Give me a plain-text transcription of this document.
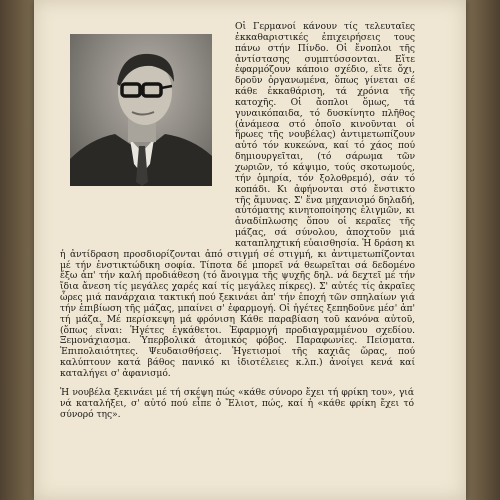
Οἱ Γερμανοί κάνουν τίς τελευταῖες ἐκκαθαριστικές ἐπιχειρήσεις τους πάνω στήν Πίνδο. Οἱ ἔνοπλοι τῆς ἀντίστασης συμπτύσσονται. Εἴτε ἐφαρμόζουν κάποιο σχέδιο, εἴτε ὄχι, δροῦν ὀργανωμένα, ὅπως γίνεται σέ κάθε ἐκκαθάριση, τά χρόνια τῆς κατοχῆς. Οἱ ἄοπλοι ὅμως, τά γυναικόπαιδα, τό δυσκίνητο πλῆθος (ἀνάμεσα στό ὁποῖο κινοῦνται οἱ ἥρωες τῆς νουβέλας) ἀντιμετωπίζουν αὐτό τόν κυκεώνα, καί τό χάος πού δημιουργεῖται, (τό σάρωμα τῶν χωριῶν, τό κάψιμο, τούς σκοτωμούς, τήν ὁμηρία, τόν ξολοθρεμό), σάν τό κοπάδι. Κι ἀφήνονται στό ἔνστικτο τῆς ἄμυνας. Σ' ἕνα μηχανισμό δηλαδή, αὐτόματης κινητοποίησης ἐλιγμῶν, κι ἀναδίπλωσης ὅπου οἱ κεραῖες τῆς μάζας, σά σύνολου, ἀποχτοῦν μιά καταπληχτική εὐαισθησία. Ἡ δράση κι ἡ ἀντίδραση προσδιορίζονται ἀπό στιγμή σέ στιγμή, κι ἀντιμετωπίζονται μέ τήν ἐνστικτώδικη σοφία. Τίποτα δέ μπορεῖ νά θεωρεῖται σά δεδομένο ἔξω ἀπ' τήν καλή προδιάθεση (τό ἄνοιγμα τῆς ψυχῆς δηλ. νά δεχτεῖ μέ τήν ἴδια ἄνεση τίς μεγάλες χαρές καί τίς μεγάλες πίκρες). Σ' αὐτές τίς ἀκραῖες ὧρες μιά πανάρχαια τακτική πού ξεκινάει ἀπ' τήν ἐποχή τῶν σπηλαίων γιά τήν ἐπιβίωση τῆς μάζας, μπαίνει σ' ἐφαρμογή. Οἱ ἡγέτες ξεπηδοῦνε μέσ' ἀπ' τή μάζα. Μέ περίσκεψη μά φρόνιση Κάθε παραβίαση τοῦ κανόνα αὐτοῦ, (ὅπως εἶναι: Ἡγέτες ἐγκάθετοι. Ἐφαρμογή προδιαγραμμένου σχεδίου. Ξεμονάχιασμα. Ὑπερβολικά ἀτομικός φόβος. Παραφωνίες. Πείσματα. Ἐπιπολαιότητες. Ψευδαισθήσεις. Ἡγετισμοί τῆς καχιᾶς ὥρας, πού καλύπτουν κατά βάθος πανικό κι ἰδιοτέλειες κ.λπ.) ἀνοίγει κενά καί καταλήγει σ' ἀφανισμό.

Ἡ νουβέλα ξεκινάει μέ τή σκέψη πώς «κάθε σύνορο ἔχει τή φρίκη του», γιά νά καταλήξει, σ' αὐτό πού εἶπε ὁ Ἔλιοτ, πώς, καί ἡ «κάθε φρίκη ἔχει τό σύνορό της».
